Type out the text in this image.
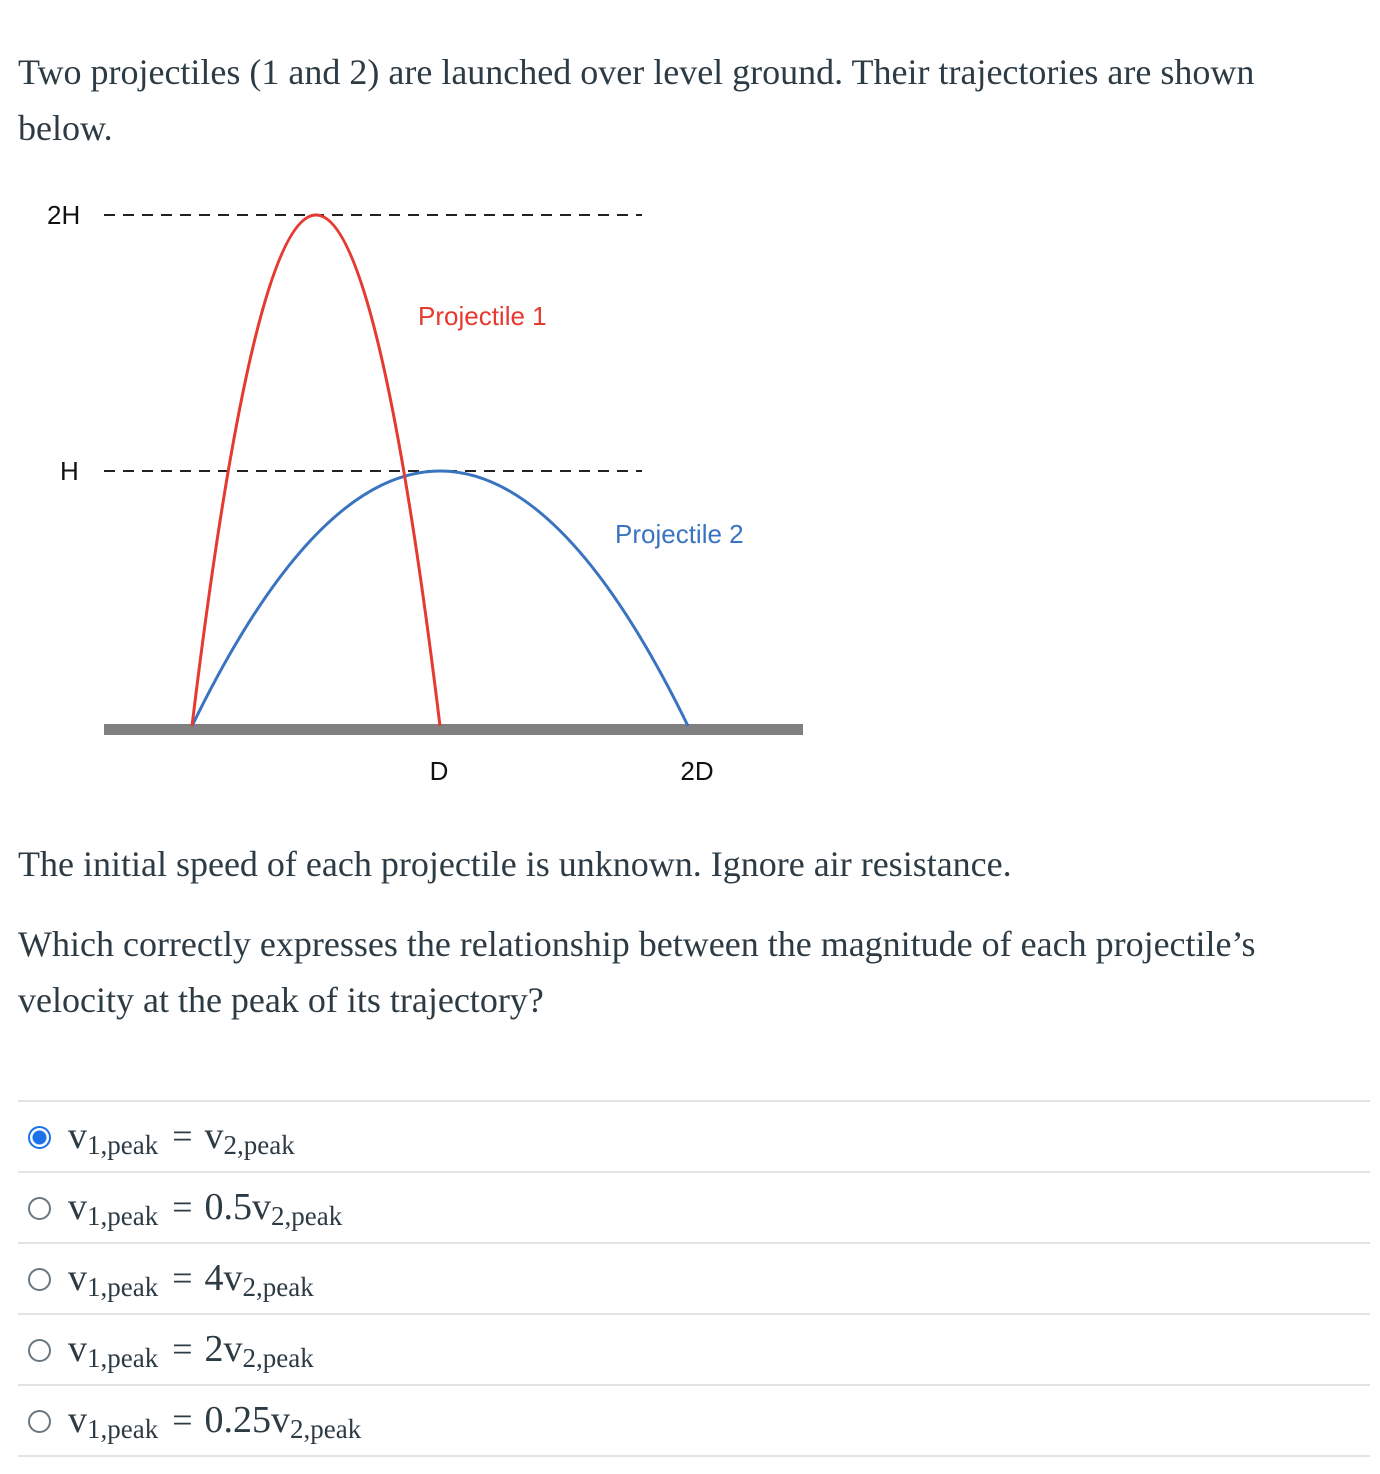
Two projectiles (1 and 2) are launched over level ground. Their trajectories are shown below.

2H
H
Projectile 1
Projectile 2
D	2D

The initial speed of each projectile is unknown. Ignore air resistance.

Which correctly expresses the relationship between the magnitude of each projectile’s velocity at the peak of its trajectory?

$v_{1,peak} = v_{2,peak}$
$v_{1,peak} = 0.5v_{2,peak}$
$v_{1,peak} = 4v_{2,peak}$
$v_{1,peak} = 2v_{2,peak}$
$v_{1,peak} = 0.25v_{2,peak}$
